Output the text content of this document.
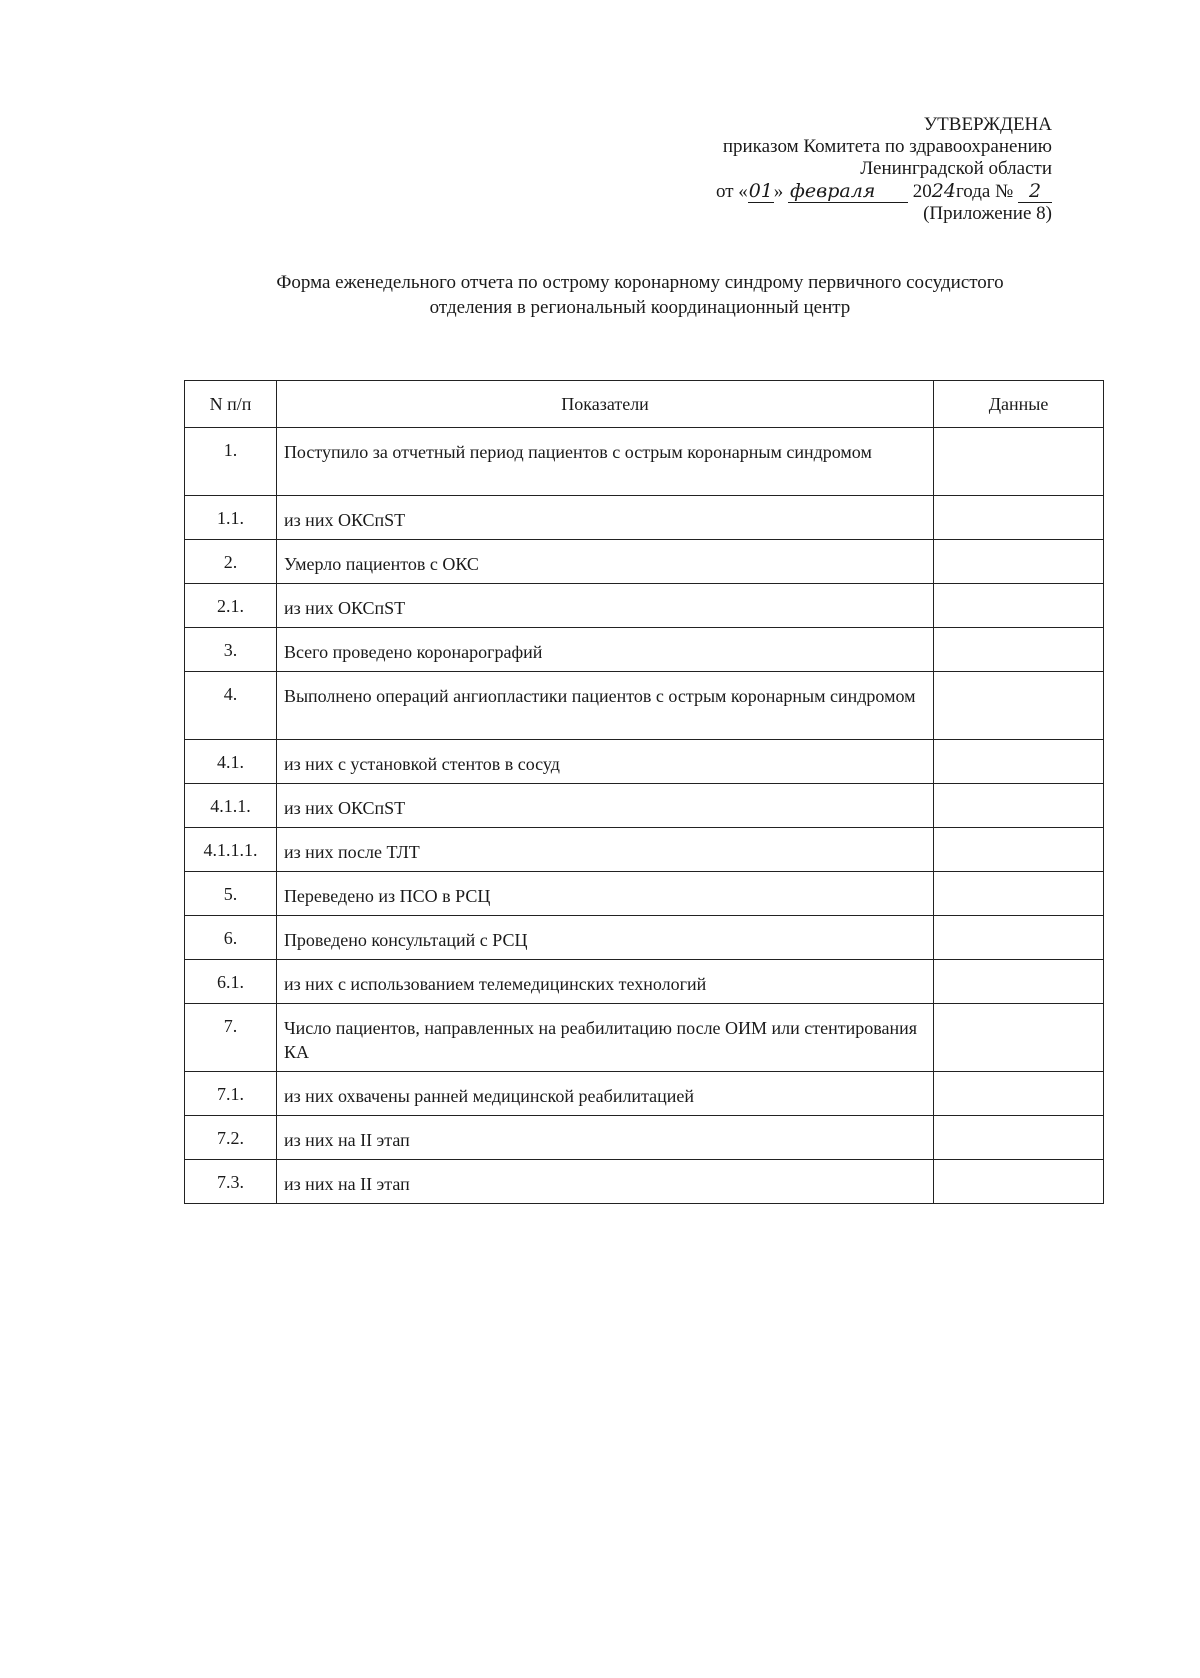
УТВЕРЖДЕНА
приказом Комитета по здравоохранению
Ленинградской области
от «01» февраля 2024года № 2
(Приложение 8)
Форма еженедельного отчета по острому коронарному синдрому первичного сосудистого
отделения в региональный координационный центр
N п/п	Показатели	Данные
1.	Поступило за отчетный период пациентов с острым коронарным синдромом	
1.1.	из них ОКСпST	
2.	Умерло пациентов с ОКС	
2.1.	из них ОКСпST	
3.	Всего проведено коронарографий	
4.	Выполнено операций ангиопластики пациентов с острым коронарным синдромом	
4.1.	из них с установкой стентов в сосуд	
4.1.1.	из них ОКСпST	
4.1.1.1.	из них после ТЛТ	
5.	Переведено из ПСО в РСЦ	
6.	Проведено консультаций с РСЦ	
6.1.	из них с использованием телемедицинских технологий	
7.	Число пациентов, направленных на реабилитацию после ОИМ или стентирования КА	
7.1.	из них охвачены ранней медицинской реабилитацией	
7.2.	из них на II этап	
7.3.	из них на II этап	
